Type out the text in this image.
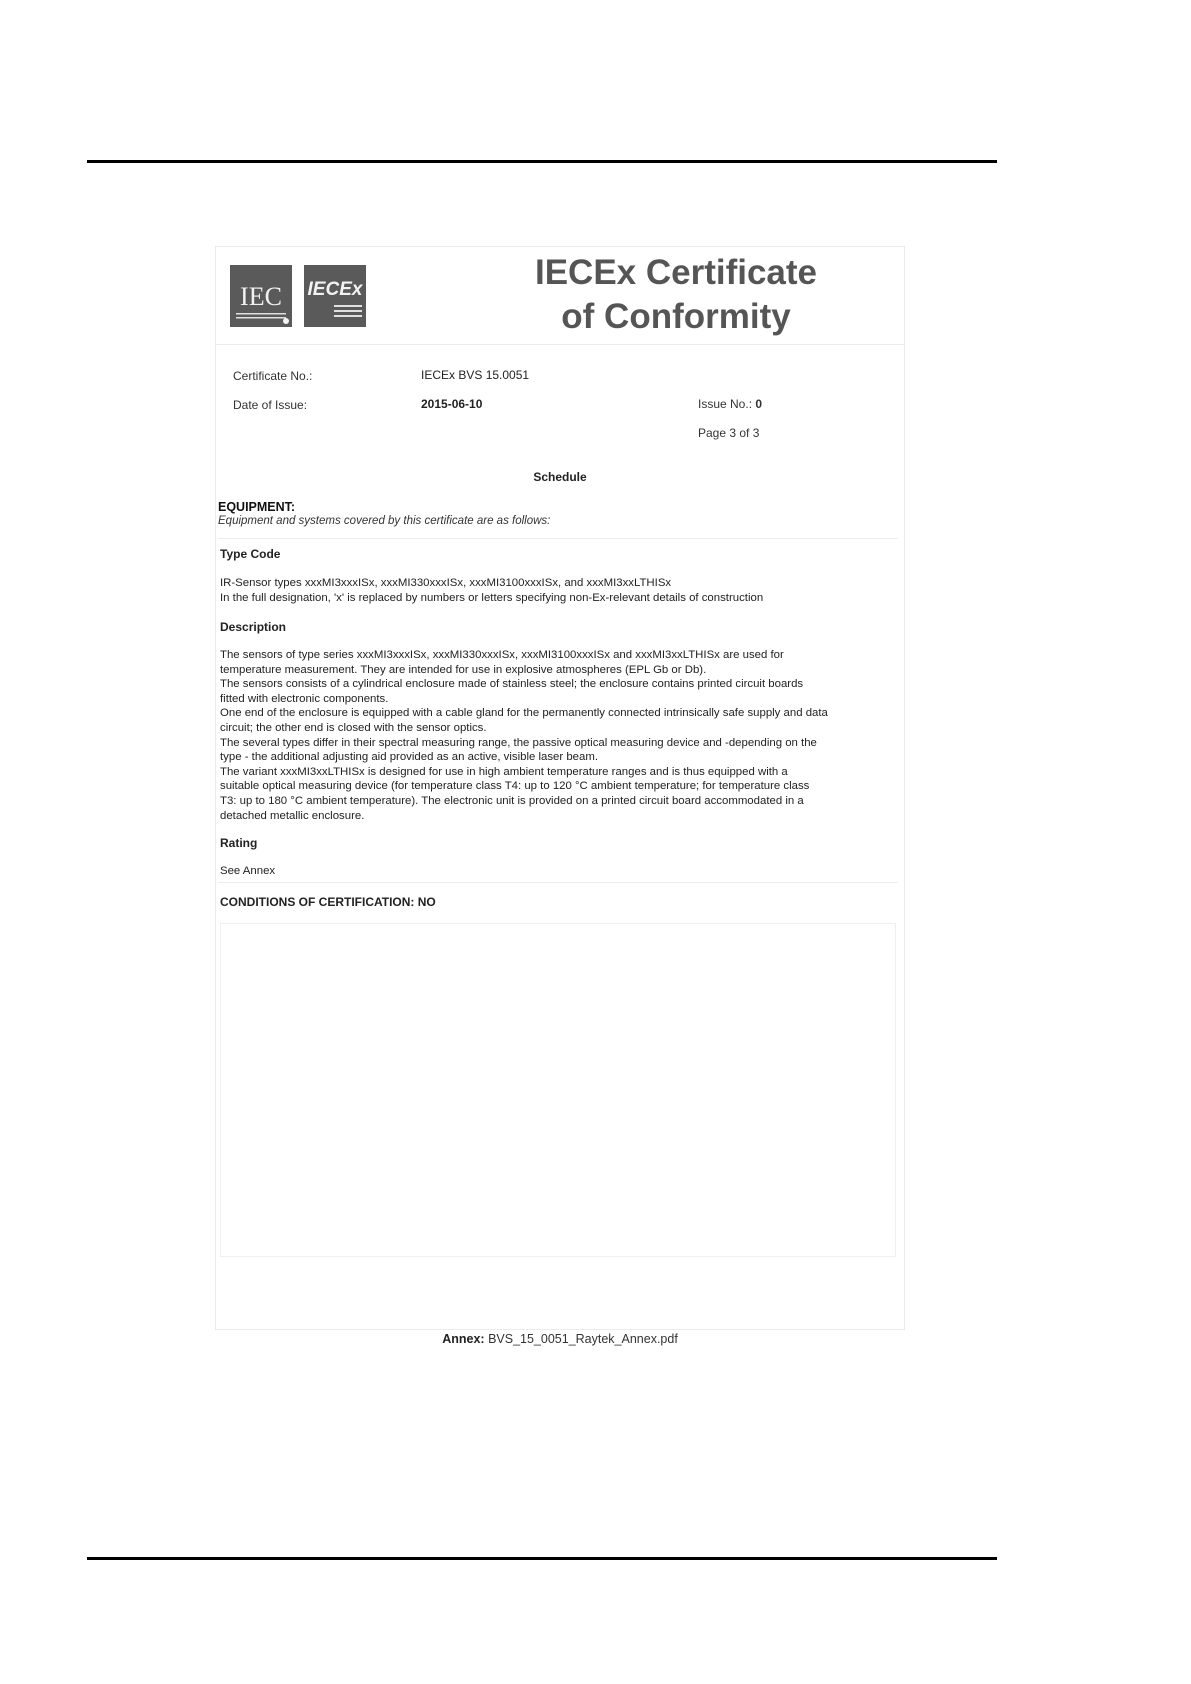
IEC IECEx	IECEx Certificate
of Conformity
Certificate No.:	IECEx BVS 15.0051
Date of Issue:	2015-06-10	Issue No.: 0
Page 3 of 3
Schedule
EQUIPMENT:
Equipment and systems covered by this certificate are as follows:
Type Code

IR-Sensor types xxxMI3xxxISx, xxxMI330xxxISx, xxxMI3100xxxISx, and xxxMI3xxLTHISx

In the full designation, 'x' is replaced by numbers or letters specifying non-Ex-relevant details of construction

Description

The sensors of type series xxxMI3xxxISx, xxxMI330xxxISx, xxxMI3100xxxISx and xxxMI3xxLTHISx are used for

temperature measurement. They are intended for use in explosive atmospheres (EPL Gb or Db).

The sensors consists of a cylindrical enclosure made of stainless steel; the enclosure contains printed circuit boards

fitted with electronic components.

One end of the enclosure is equipped with a cable gland for the permanently connected intrinsically safe supply and data

circuit; the other end is closed with the sensor optics.

The several types differ in their spectral measuring range, the passive optical measuring device and -depending on the

type - the additional adjusting aid provided as an active, visible laser beam.

The variant xxxMI3xxLTHISx is designed for use in high ambient temperature ranges and is thus equipped with a

suitable optical measuring device (for temperature class T4: up to 120 °C ambient temperature; for temperature class

T3: up to 180 °C ambient temperature). The electronic unit is provided on a printed circuit board accommodated in a

detached metallic enclosure.

Rating
See Annex
CONDITIONS OF CERTIFICATION: NO
Annex: BVS_15_0051_Raytek_Annex.pdf
